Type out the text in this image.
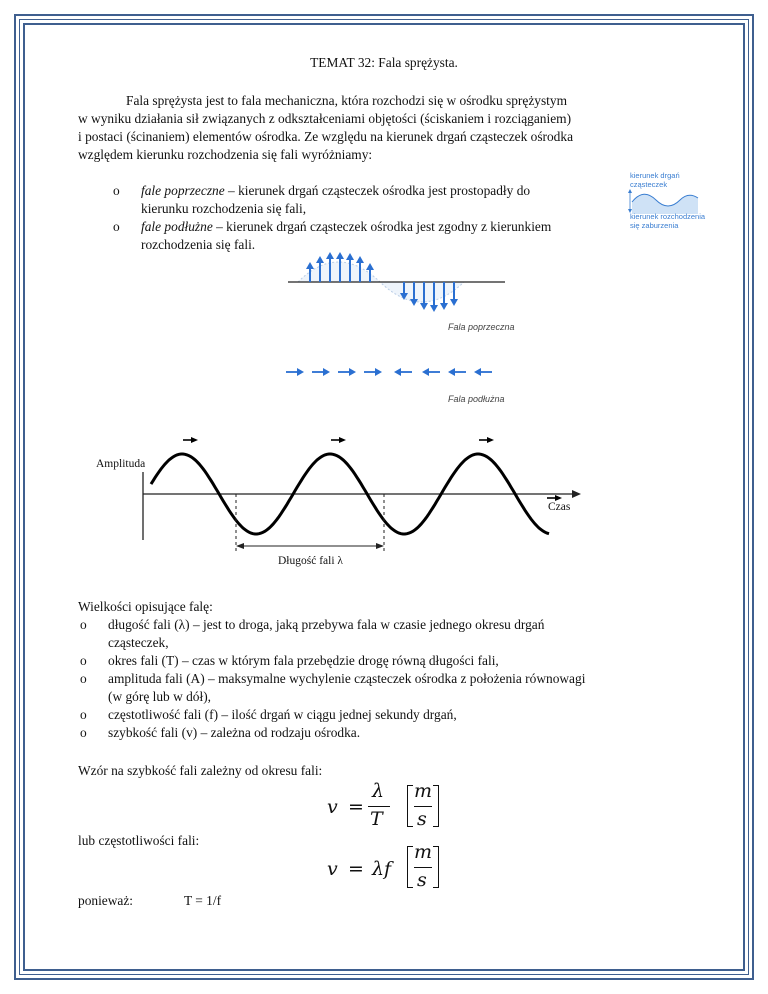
TEMAT 32: Fala sprężysta.

Fala sprężysta jest to fala mechaniczna, która rozchodzi się w ośrodku sprężystym

w wyniku działania sił związanych z odkształceniami objętości (ściskaniem i rozciąganiem)

i postaci (ścinaniem) elementów ośrodka. Ze względu na kierunek drgań cząsteczek ośrodka

względem kierunku rozchodzenia się fali wyróżniamy:

o fale poprzeczne – kierunek drgań cząsteczek ośrodka jest prostopadły do
kierunku rozchodzenia się fali,
o fale podłużne – kierunek drgań cząsteczek ośrodka jest zgodny z kierunkiem
rozchodzenia się fali.
kierunek drgań
cząsteczek
kierunek rozchodzenia
się zaburzenia
Fala poprzeczna
Fala podłużna
Amplituda
Czas
Długość fali λ
Wielkości opisujące falę:
o długość fali (λ) – jest to droga, jaką przebywa fala w czasie jednego okresu drgań
cząsteczek,
o okres fali (T) – czas w którym fala przebędzie drogę równą długości fali,
o amplituda fali (A) – maksymalne wychylenie cząsteczek ośrodka z położenia równowagi
(w górę lub w dół),
o częstotliwość fali (f) – ilość drgań w ciągu jednej sekundy drgań,
o szybkość fali (v) – zależna od rodzaju ośrodka.
Wzór na szybkość fali zależny od okresu fali:
v =
λ
T
m
s
lub częstotliwości fali:
v = λf
m
s
ponieważ:	T = 1/f
